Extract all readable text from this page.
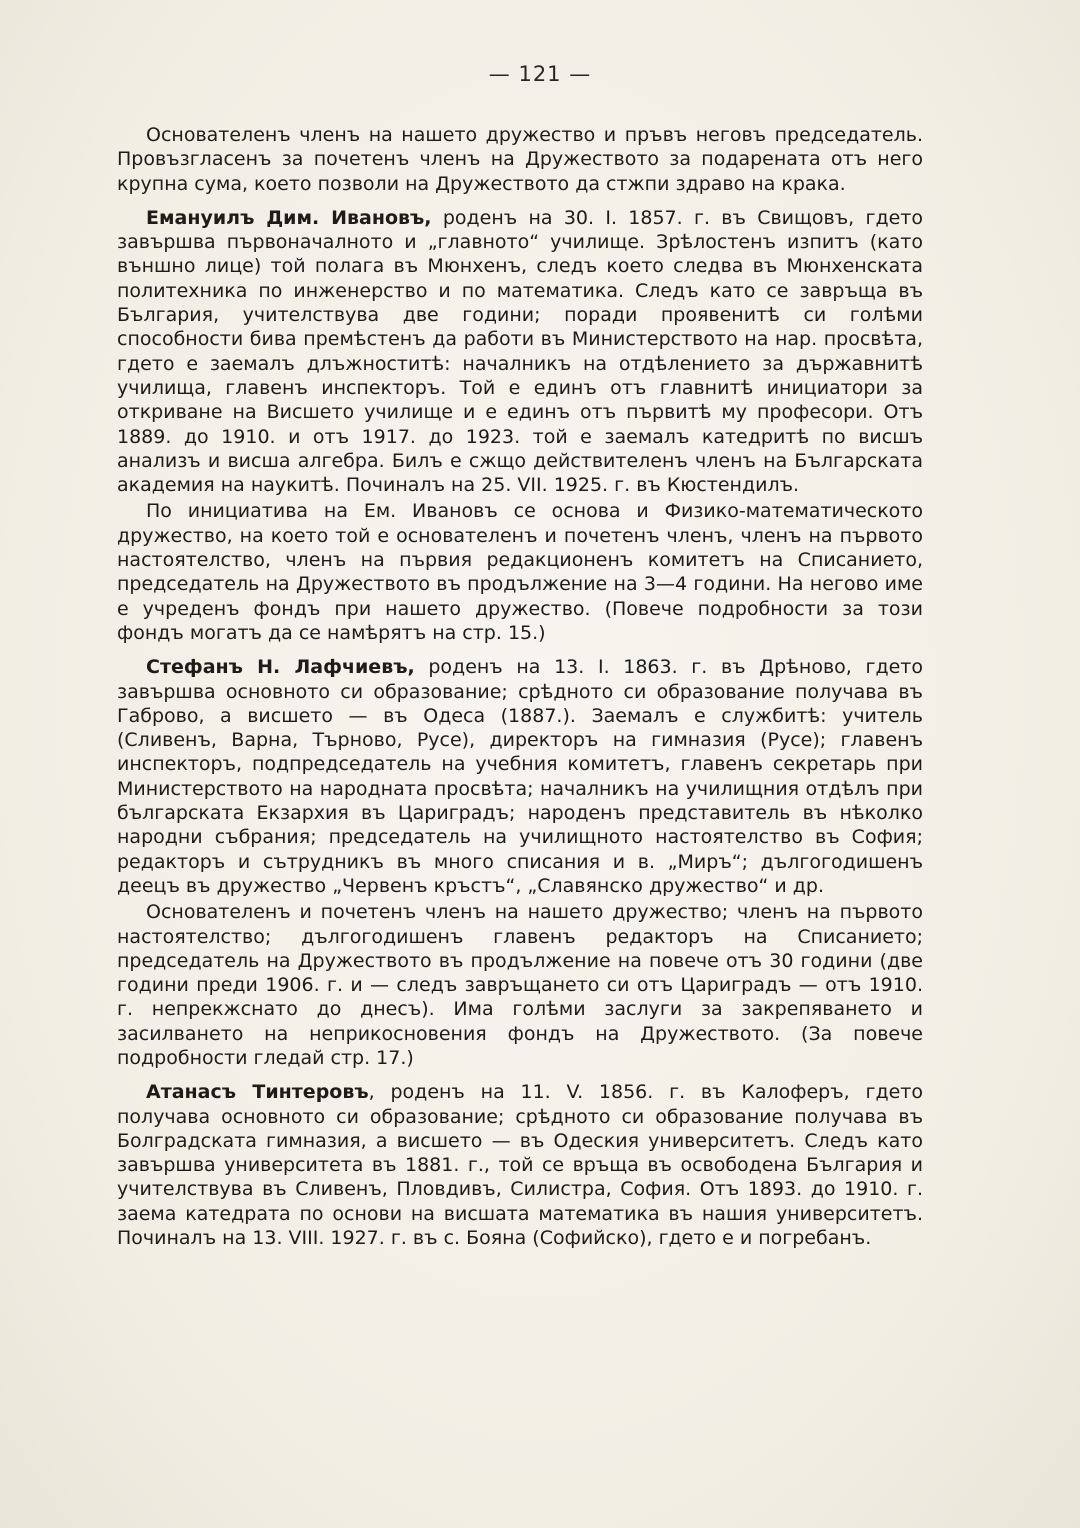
— 121 —

Основателенъ членъ на нашето дружество и пръвъ неговъ председатель. Провъзгласенъ за почетенъ членъ на Дружеството за подарената отъ него крупна сума, което позволи на Дружеството да стжпи здраво на крака.

Емануилъ Дим. Ивановъ, роденъ на 30. I. 1857. г. въ Свищовъ, гдето завършва първоначалното и „главното“ училище. Зрѣлостенъ изпитъ (като външно лице) той полага въ Мюнхенъ, следъ което следва въ Мюнхенската политехника по инженерство и по математика. Следъ като се завръща въ България, учителствува две години; поради проявенитѣ си голѣми способности бива премѣстенъ да работи въ Министерството на нар. просвѣта, гдето е заемалъ длъжноститѣ: началникъ на отдѣлението за държавнитѣ училища, главенъ инспекторъ. Той е единъ отъ главнитѣ инициатори за откриване на Висшето училище и е единъ отъ първитѣ му професори. Отъ 1889. до 1910. и отъ 1917. до 1923. той е заемалъ катедритѣ по висшъ анализъ и висша алгебра. Билъ е сжщо действителенъ членъ на Българската академия на наукитѣ. Починалъ на 25. VII. 1925. г. въ Кюстендилъ.

По инициатива на Ем. Ивановъ се основа и Физико-математическото дружество, на което той е основателенъ и почетенъ членъ, членъ на първото настоятелство, членъ на първия редакционенъ комитетъ на Списанието, председатель на Дружеството въ продължение на 3—4 години. На негово име е учреденъ фондъ при нашето дружество. (Повече подробности за този фондъ могатъ да се намѣрятъ на стр. 15.)

Стефанъ Н. Лафчиевъ, роденъ на 13. I. 1863. г. въ Дрѣново, гдето завършва основното си образование; срѣдното си образование получава въ Габрово, а висшето — въ Одеса (1887.). Заемалъ е службитѣ: учитель (Сливенъ, Варна, Търново, Русе), директоръ на гимназия (Русе); главенъ инспекторъ, подпредседатель на учебния комитетъ, главенъ секретарь при Министерството на народната просвѣта; началникъ на училищния отдѣлъ при българската Екзархия въ Цариградъ; народенъ представитель въ нѣколко народни събрания; председатель на училищното настоятелство въ София; редакторъ и сътрудникъ въ много списания и в. „Миръ“; дългогодишенъ деецъ въ дружество „Червенъ кръстъ“, „Славянско дружество“ и др.

Основателенъ и почетенъ членъ на нашето дружество; членъ на първото настоятелство; дългогодишенъ главенъ редакторъ на Списанието; председатель на Дружеството въ продължение на повече отъ 30 години (две години преди 1906. г. и — следъ завръщането си отъ Цариградъ — отъ 1910. г. непрекжснато до днесъ). Има голѣми заслуги за закрепяването и засилването на неприкосновения фондъ на Дружеството. (За повече подробности гледай стр. 17.)

Атанасъ Тинтеровъ, роденъ на 11. V. 1856. г. въ Калоферъ, гдето получава основното си образование; срѣдното си образование получава въ Болградската гимназия, а висшето — въ Одеския университетъ. Следъ като завършва университета въ 1881. г., той се връща въ освободена България и учителствува въ Сливенъ, Пловдивъ, Силистра, София. Отъ 1893. до 1910. г. заема катедрата по основи на висшата математика въ нашия университетъ. Починалъ на 13. VIII. 1927. г. въ с. Бояна (Софийско), гдето е и погребанъ.
